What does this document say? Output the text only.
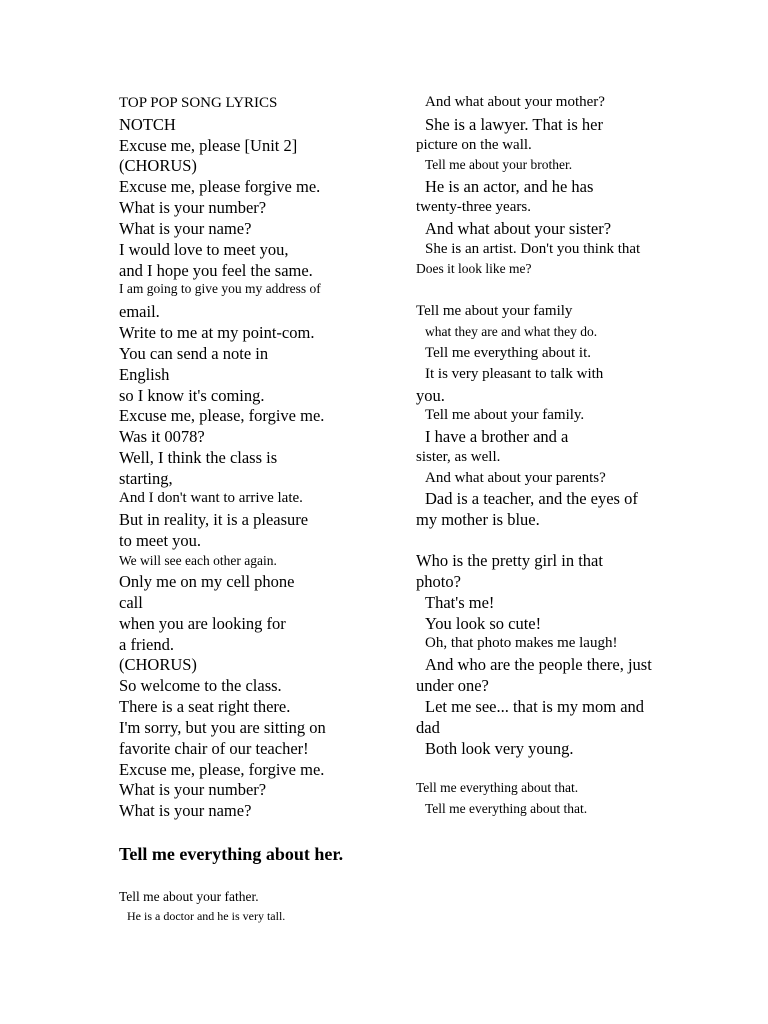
TOP POP SONG LYRICS
NOTCH
Excuse me, please [Unit 2]
(CHORUS)
Excuse me, please forgive me.
What is your number?
What is your name?
I would love to meet you,
and I hope you feel the same.
I am going to give you my address of
email.
Write to me at my point-com.
You can send a note in
English
so I know it's coming.
Excuse me, please, forgive me.
Was it 0078?
Well, I think the class is
starting,
And I don't want to arrive late.
But in reality, it is a pleasure
to meet you.
We will see each other again.
Only me on my cell phone
call
when you are looking for
a friend.
(CHORUS)
So welcome to the class.
There is a seat right there.
I'm sorry, but you are sitting on
favorite chair of our teacher!
Excuse me, please, forgive me.
What is your number?
What is your name?
Tell me everything about her.
Tell me about your father.
He is a doctor and he is very tall.
And what about your mother?
She is a lawyer. That is her
picture on the wall.
Tell me about your brother.
He is an actor, and he has
twenty-three years.
And what about your sister?
She is an artist. Don't you think that
Does it look like me?
Tell me about your family
what they are and what they do.
Tell me everything about it.
It is very pleasant to talk with
you.
Tell me about your family.
I have a brother and a
sister, as well.
And what about your parents?
Dad is a teacher, and the eyes of
my mother is blue.
Who is the pretty girl in that
photo?
That's me!
You look so cute!
Oh, that photo makes me laugh!
And who are the people there, just
under one?
Let me see... that is my mom and
dad
Both look very young.
Tell me everything about that.
Tell me everything about that.
